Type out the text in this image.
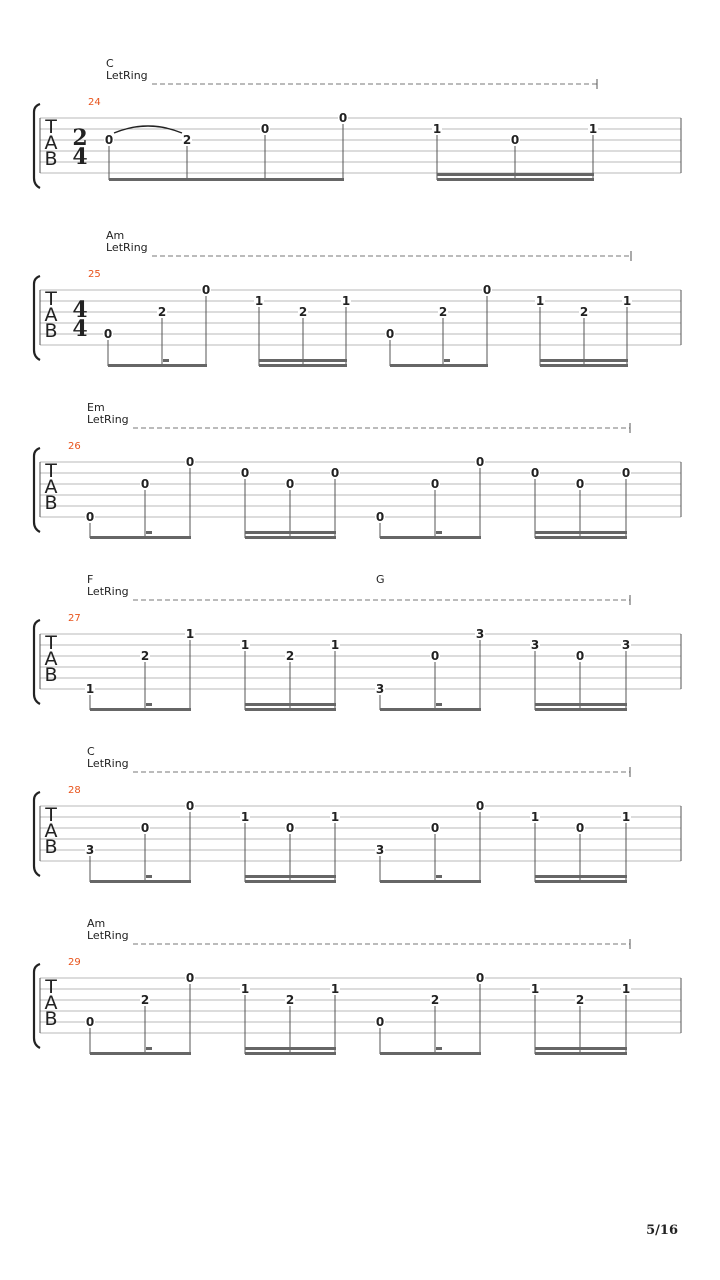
T
A
B
2
4
24
C
LetRing
0	2
0
0
1
0
1
T
A
B
4
4
25
Am
LetRing
0
2
0
1
2
1
0
2
0
1
2
1
T
A
B
26
Em
LetRing
0
0
0
0
0
0
0
0
0
0
0
0
T
A
B
27
F	G
LetRing
1
2
1
1
2
1
3
0
3
3
0
3
T
A
B
28
C
LetRing
3
0
0
1
0
1
3
0
0
1
0
1
T
A
B
29
Am
LetRing
0
2
0
1
2
1
0
2
0
1
2
1
5/16
